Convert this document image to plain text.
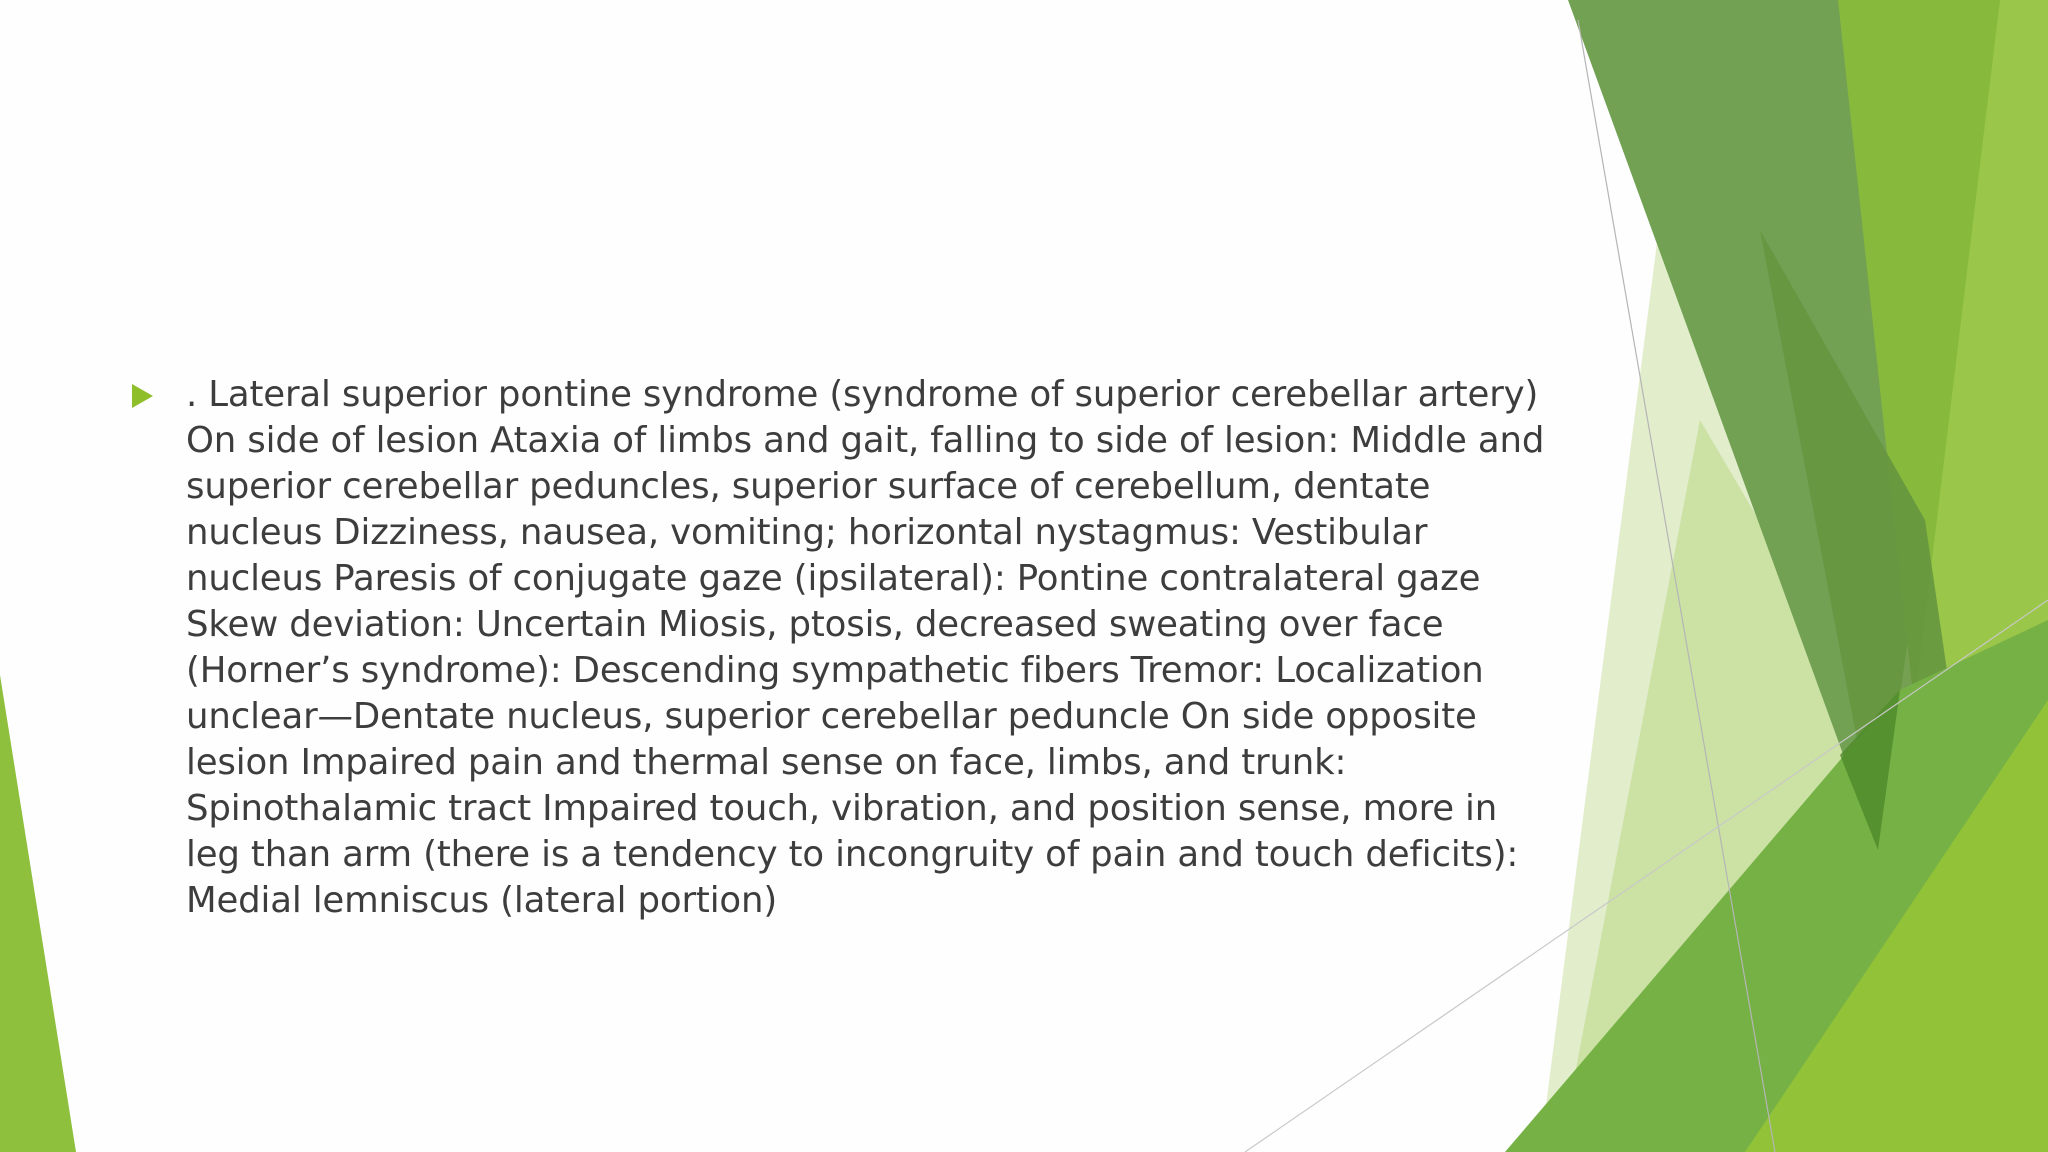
. Lateral superior pontine syndrome (syndrome of superior cerebellar artery) On side of lesion Ataxia of limbs and gait, falling to side of lesion: Middle and superior cerebellar peduncles, superior surface of cerebellum, dentate nucleus Dizziness, nausea, vomiting; horizontal nystagmus: Vestibular nucleus Paresis of conjugate gaze (ipsilateral): Pontine contralateral gaze Skew deviation: Uncertain Miosis, ptosis, decreased sweating over face (Horner’s syndrome): Descending sympathetic fibers Tremor: Localization unclear—Dentate nucleus, superior cerebellar peduncle On side opposite lesion Impaired pain and thermal sense on face, limbs, and trunk: Spinothalamic tract Impaired touch, vibration, and position sense, more in leg than arm (there is a tendency to incongruity of pain and touch deficits): Medial lemniscus (lateral portion)
